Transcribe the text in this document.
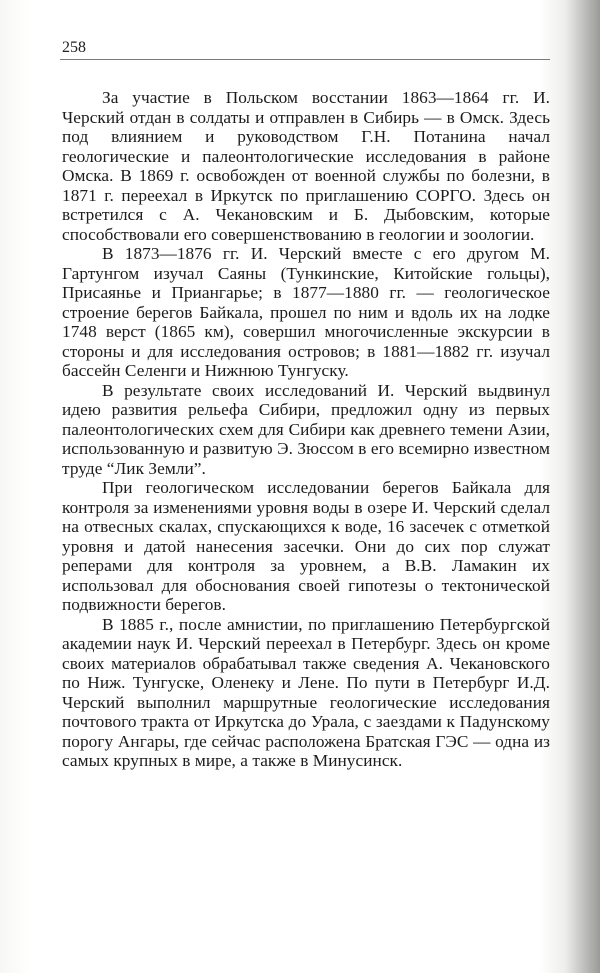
258

За участие в Польском восстании 1863—1864 гг. И. Черский отдан в солдаты и отправлен в Сибирь — в Омск. Здесь под влиянием и руководством Г.Н. Потанина начал геологические и палеонтологические исследования в районе Омска. В 1869 г. освобожден от военной службы по болезни, в 1871 г. переехал в Иркутск по приглашению СОРГО. Здесь он встретился с А. Чекановским и Б. Дыбовским, которые способствовали его совершенствованию в геологии и зоологии.

В 1873—1876 гг. И. Черский вместе с его другом М. Гартунгом изучал Саяны (Тункинские, Китойские гольцы), Присаянье и Приангарье; в 1877—1880 гг. — геологическое строение берегов Байкала, прошел по ним и вдоль их на лодке 1748 верст (1865 км), совершил многочисленные экскурсии в стороны и для исследования островов; в 1881—1882 гг. изучал бассейн Селенги и Нижнюю Тунгуску.

В результате своих исследований И. Черский выдвинул идею развития рельефа Сибири, предложил одну из первых палеонтологических схем для Сибири как древнего темени Азии, использованную и развитую Э. Зюсcом в его всемирно известном труде “Лик Земли”.

При геологическом исследовании берегов Байкала для контроля за изменениями уровня воды в озере И. Черский сделал на отвесных скалах, спускающихся к воде, 16 засечек с отметкой уровня и датой нанесения засечки. Они до сих пор служат реперами для контроля за уровнем, а В.В. Ламакин их использовал для обоснования своей гипотезы о тектонической подвижности берегов.

В 1885 г., после амнистии, по приглашению Петербургской академии наук И. Черский переехал в Петербург. Здесь он кроме своих материалов обрабатывал также сведения А. Чекановского по Ниж. Тунгуске, Оленеку и Лене. По пути в Петербург И.Д. Черский выполнил маршрутные геологические исследования почтового тракта от Иркутска до Урала, с заездами к Падунскому порогу Ангары, где сейчас расположена Братская ГЭС — одна из самых крупных в мире, а также в Минусинск.
